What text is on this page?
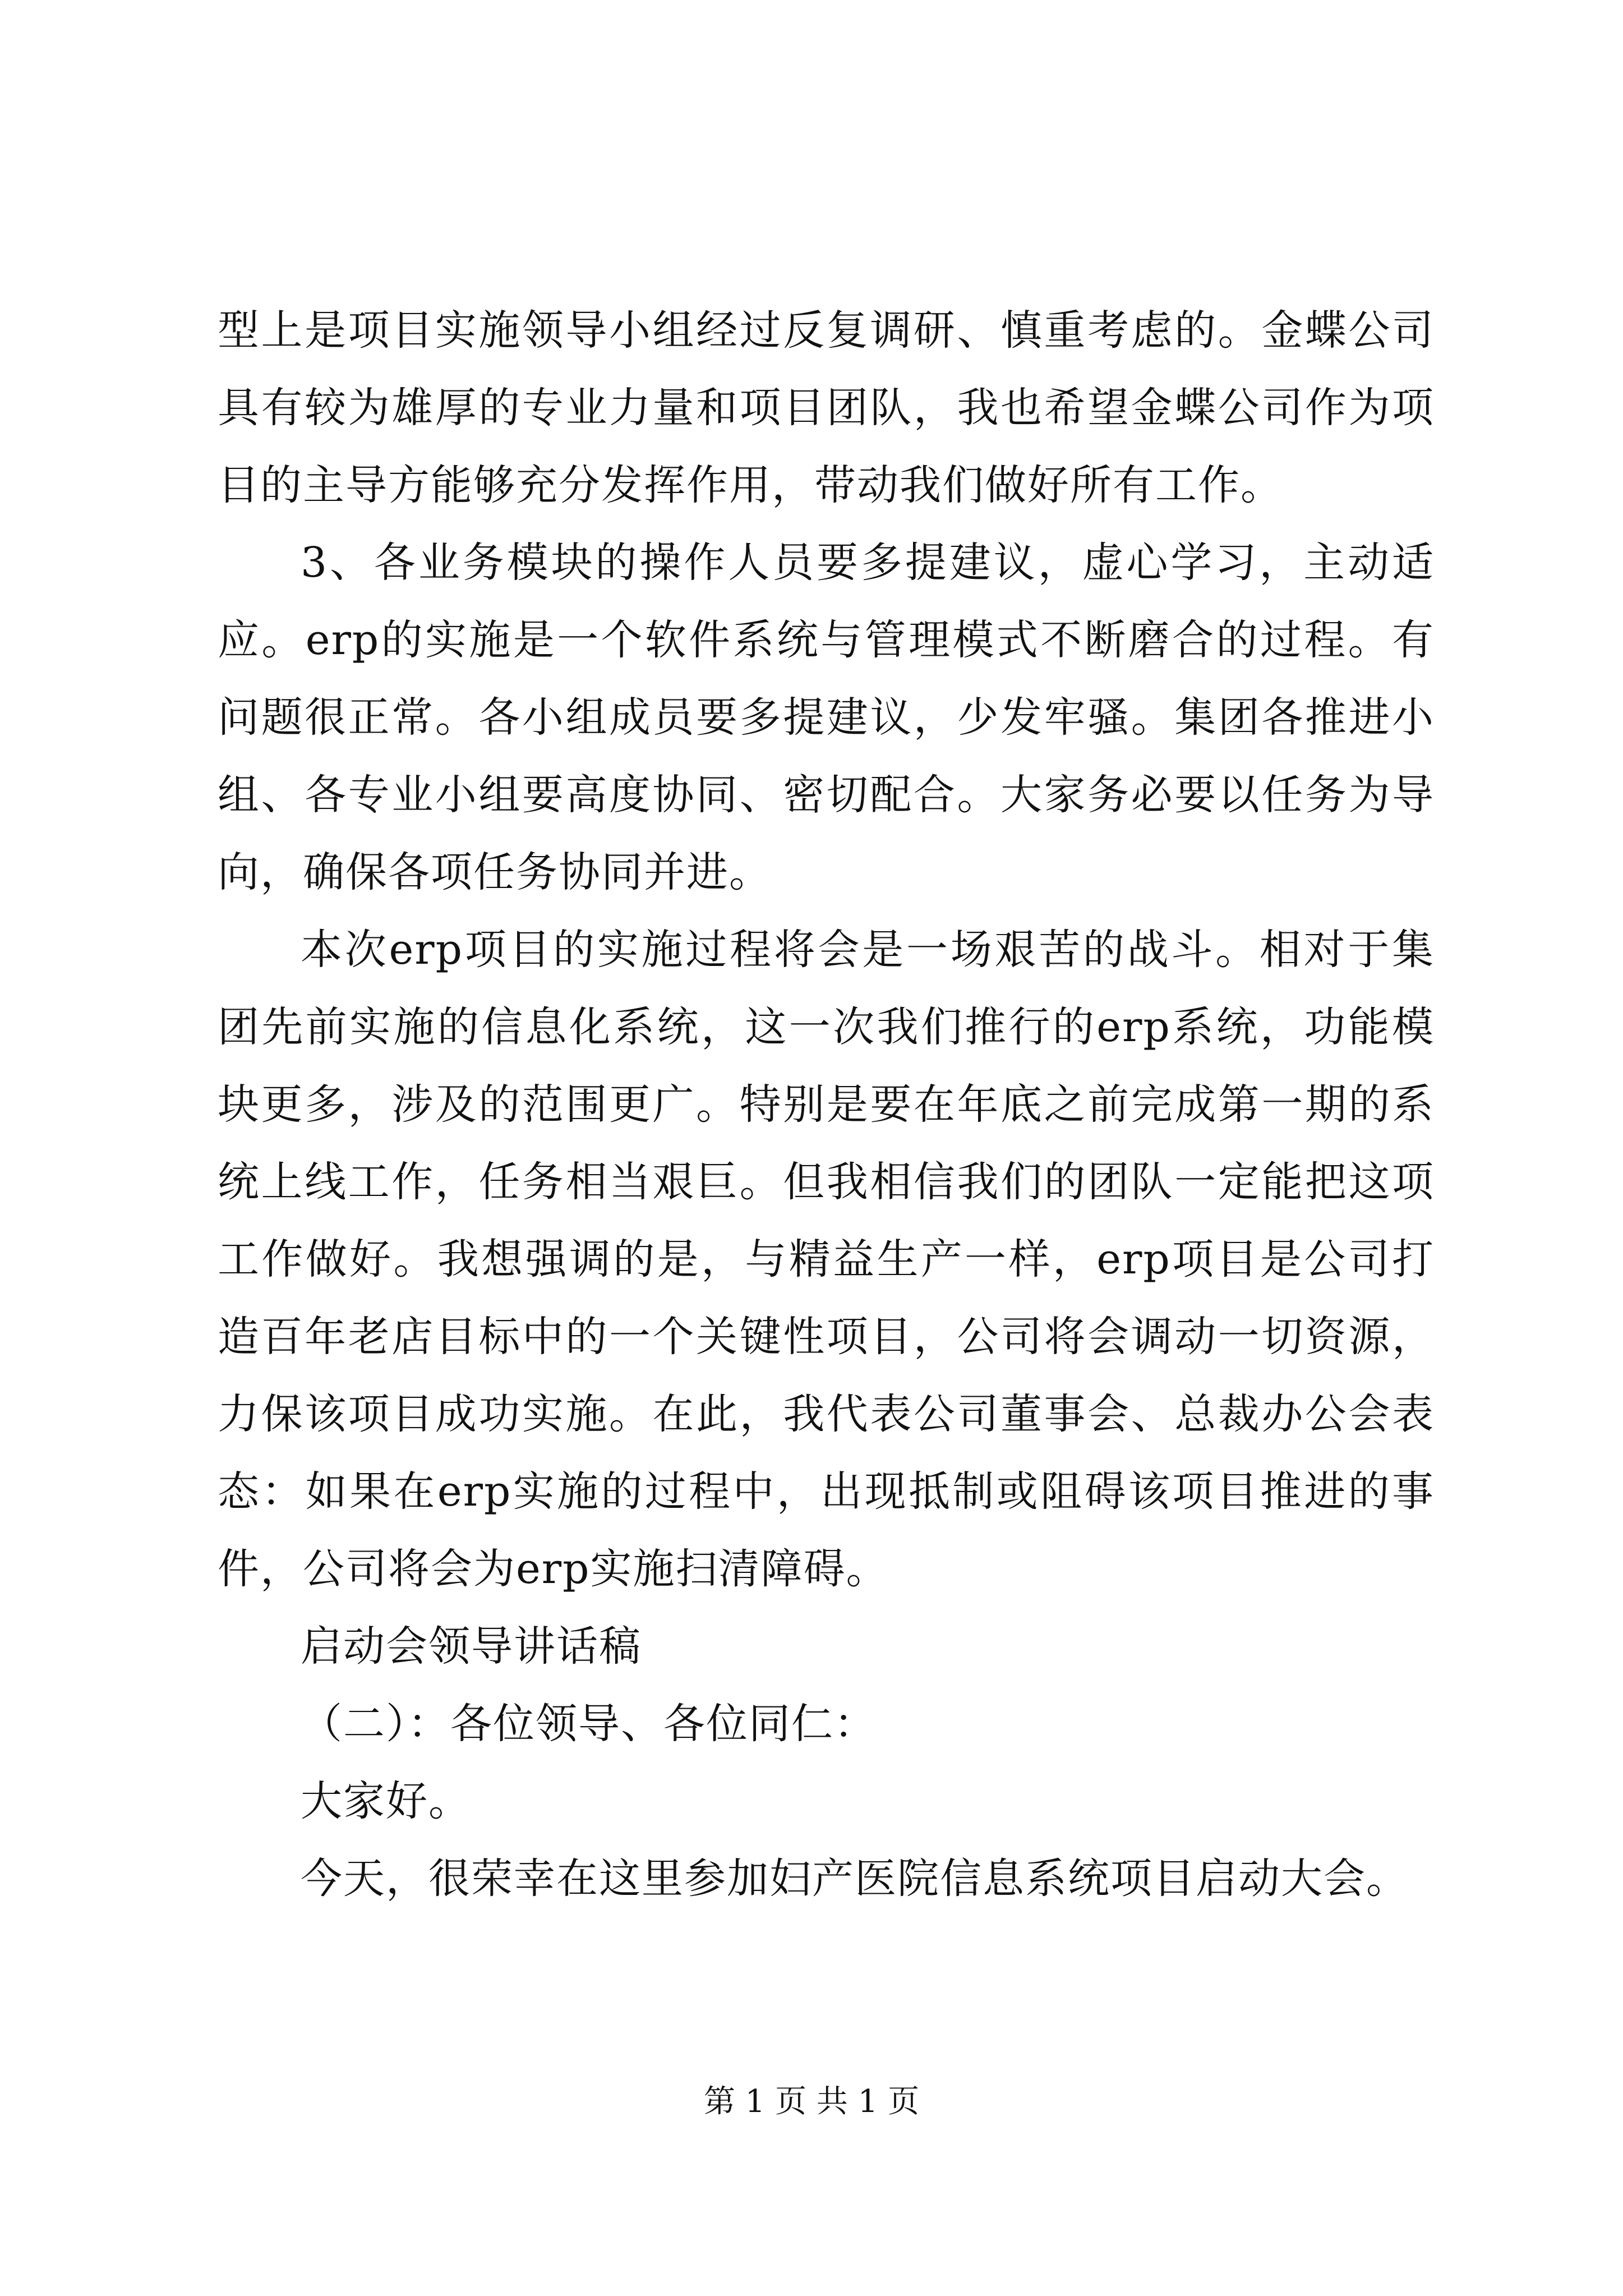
型上是项目实施领导小组经过反复调研、慎重考虑的。金蝶公司具有较为雄厚的专业力量和项目团队，我也希望金蝶公司作为项目的主导方能够充分发挥作用，带动我们做好所有工作。

3、各业务模块的操作人员要多提建议，虚心学习，主动适应。erp的实施是一个软件系统与管理模式不断磨合的过程。有问题很正常。各小组成员要多提建议，少发牢骚。集团各推进小组、各专业小组要高度协同、密切配合。大家务必要以任务为导向，确保各项任务协同并进。

本次erp项目的实施过程将会是一场艰苦的战斗。相对于集团先前实施的信息化系统，这一次我们推行的erp系统，功能模块更多，涉及的范围更广。特别是要在年底之前完成第一期的系统上线工作，任务相当艰巨。但我相信我们的团队一定能把这项工作做好。我想强调的是，与精益生产一样，erp项目是公司打造百年老店目标中的一个关键性项目，公司将会调动一切资源，力保该项目成功实施。在此，我代表公司董事会、总裁办公会表态：如果在erp实施的过程中，出现抵制或阻碍该项目推进的事件，公司将会为erp实施扫清障碍。

启动会领导讲话稿

（二）：各位领导、各位同仁：

大家好。

今天，很荣幸在这里参加妇产医院信息系统项目启动大会。

第 1 页 共 1 页
